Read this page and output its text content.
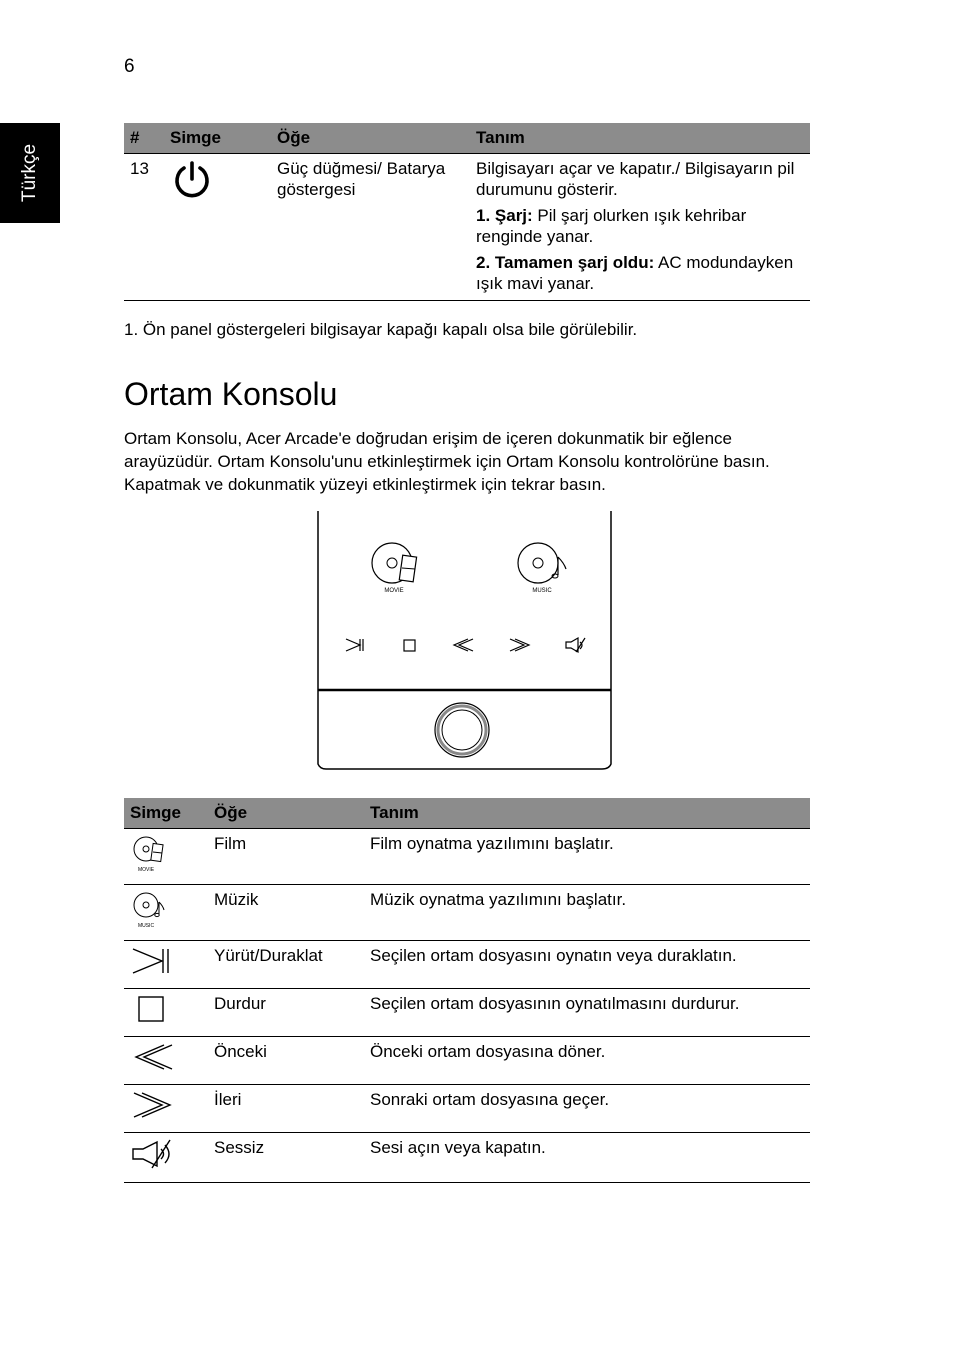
6
Türkçe
#	Simge	Öğe	Tanım
13		Güç düğmesi/ Batarya göstergesi	Bilgisayarı açar ve kapatır./ Bilgisayarın pil durumunu gösterir.

1. Şarj: Pil şarj olurken ışık kehribar renginde yanar.

2. Tamamen şarj oldu: AC modundayken ışık mavi yanar.

1. Ön panel göstergeleri bilgisayar kapağı kapalı olsa bile görülebilir.
Ortam Konsolu

Ortam Konsolu, Acer Arcade'e doğrudan erişim de içeren dokunmatik bir eğlence arayüzüdür. Ortam Konsolu'unu etkinleştirmek için Ortam Konsolu kontrolörüne basın. Kapatmak ve dokunmatik yüzeyi etkinleştirmek için tekrar basın.

MOVIE	MUSIC
Simge	Öğe	Tanım

MOVIE	Film	Film oynatma yazılımını başlatır.

MUSIC	Müzik	Müzik oynatma yazılımını başlatır.
	Yürüt/Duraklat	Seçilen ortam dosyasını oynatın veya duraklatın.
	Durdur	Seçilen ortam dosyasının oynatılmasını durdurur.
	Önceki	Önceki ortam dosyasına döner.
	İleri	Sonraki ortam dosyasına geçer.
	Sessiz	Sesi açın veya kapatın.
